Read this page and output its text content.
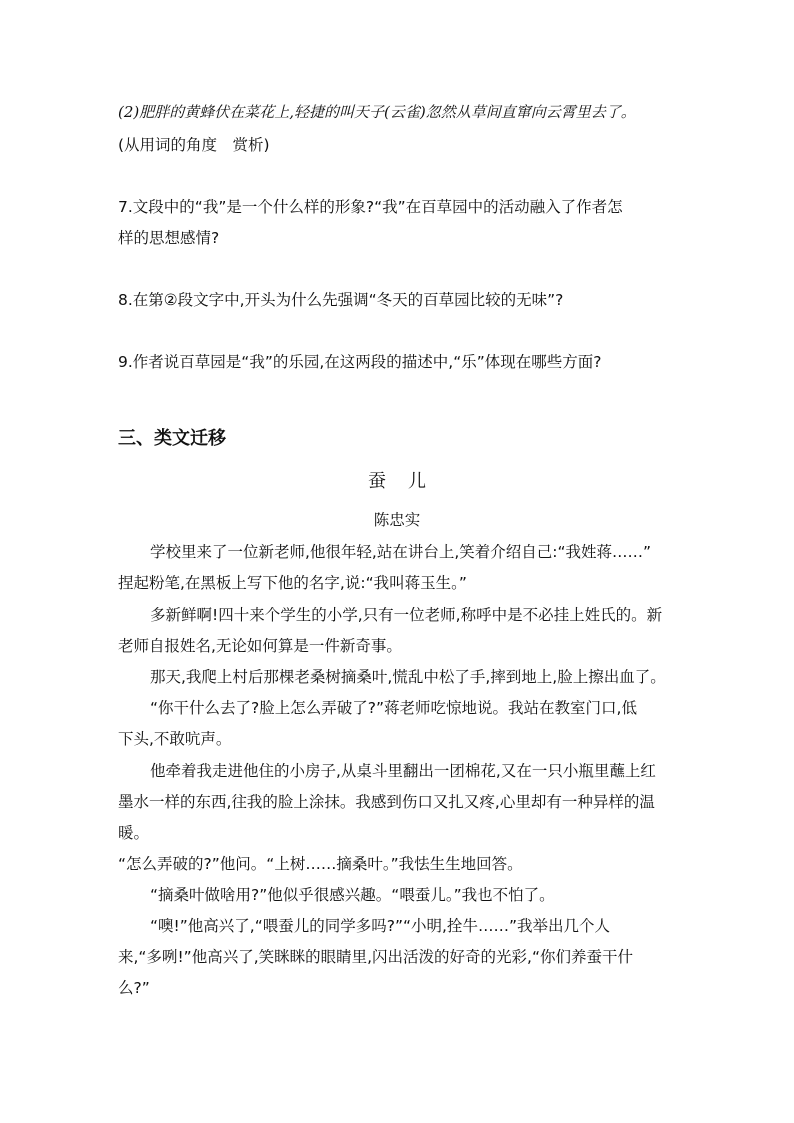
(2)肥胖的黄蜂伏在菜花上,轻捷的叫天子(云雀)忽然从草间直窜向云霄里去了。
(从用词的角度　赏析)
7.文段中的“我”是一个什么样的形象?“我”在百草园中的活动融入了作者怎
样的思想感情?
8.在第②段文字中,开头为什么先强调“冬天的百草园比较的无味”?
9.作者说百草园是“我”的乐园,在这两段的描述中,“乐”体现在哪些方面?
三、类文迁移
蚕儿
陈忠实
学校里来了一位新老师,他很年轻,站在讲台上,笑着介绍自己:“我姓蒋……”
捏起粉笔,在黑板上写下他的名字,说:“我叫蒋玉生。”
多新鲜啊!四十来个学生的小学,只有一位老师,称呼中是不必挂上姓氏的。新
老师自报姓名,无论如何算是一件新奇事。
那天,我爬上村后那棵老桑树摘桑叶,慌乱中松了手,摔到地上,脸上擦出血了。
“你干什么去了?脸上怎么弄破了?”蒋老师吃惊地说。我站在教室门口,低
下头,不敢吭声。
他牵着我走进他住的小房子,从桌斗里翻出一团棉花,又在一只小瓶里蘸上红
墨水一样的东西,往我的脸上涂抹。我感到伤口又扎又疼,心里却有一种异样的温
暖。
“怎么弄破的?”他问。“上树……摘桑叶。”我怯生生地回答。
“摘桑叶做啥用?”他似乎很感兴趣。“喂蚕儿。”我也不怕了。
“噢!”他高兴了,“喂蚕儿的同学多吗?”“小明,拴牛……”我举出几个人
来,“多咧!”他高兴了,笑眯眯的眼睛里,闪出活泼的好奇的光彩,“你们养蚕干什
么?”
